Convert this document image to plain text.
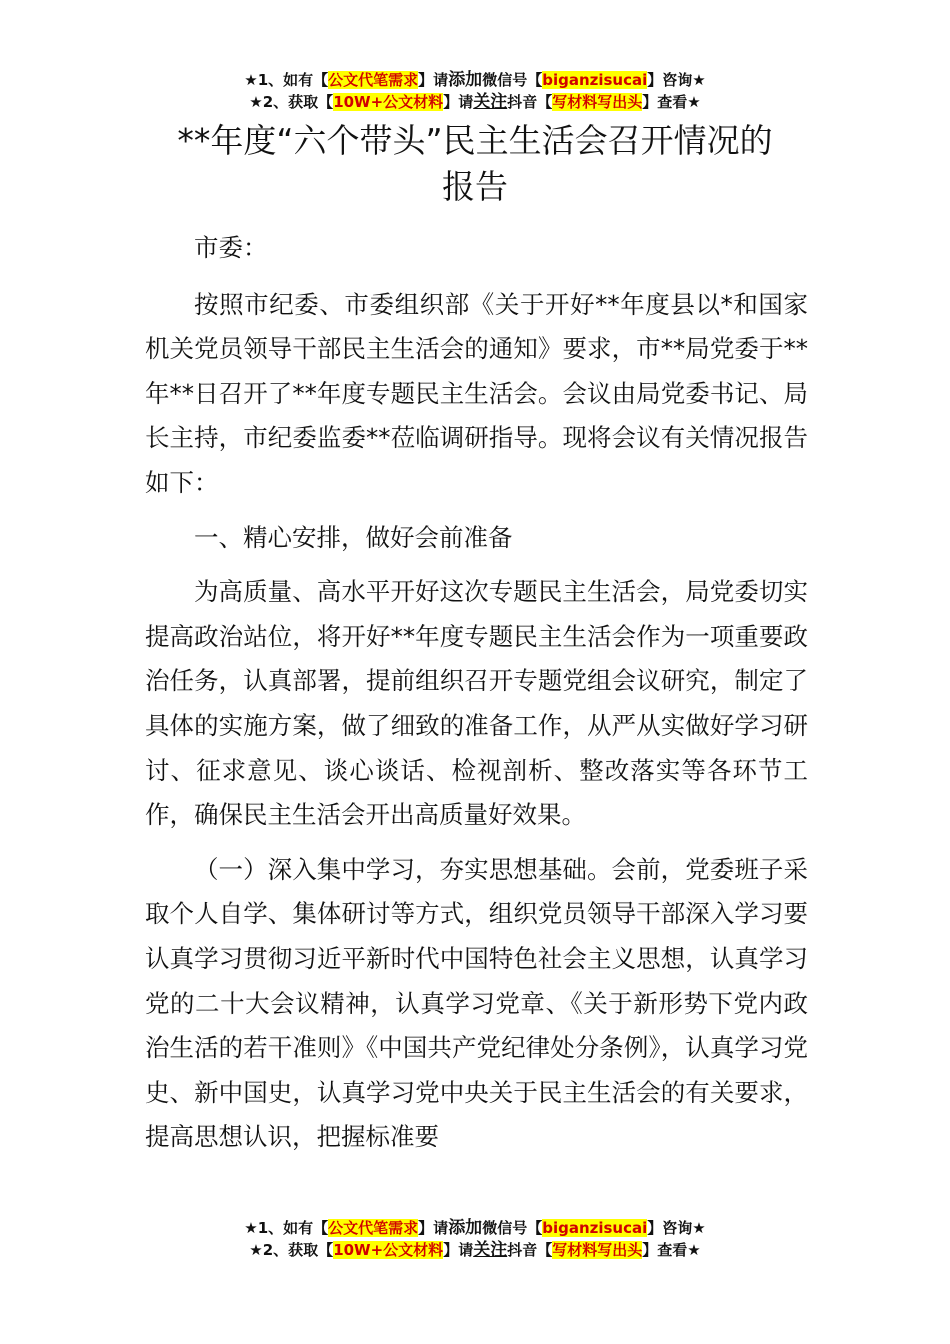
★1、如有【公文代笔需求】请添加微信号【biganzisucai】咨询★
★2、获取【10W+公文材料】请关注抖音【写材料写出头】查看★
**年度“六个带头”民主生活会召开情况的
报告

市委：

按照市纪委、市委组织部《关于开好**年度县以*和国家机关党员领导干部民主生活会的通知》要求，市**局党委于**年**日召开了**年度专题民主生活会。会议由局党委书记、局长主持，市纪委监委**莅临调研指导。现将会议有关情况报告如下：

一、精心安排，做好会前准备

为高质量、高水平开好这次专题民主生活会，局党委切实提高政治站位，将开好**年度专题民主生活会作为一项重要政治任务，认真部署，提前组织召开专题党组会议研究，制定了具体的实施方案，做了细致的准备工作，从严从实做好学习研讨、征求意见、谈心谈话、检视剖析、整改落实等各环节工作，确保民主生活会开出高质量好效果。

（一）深入集中学习，夯实思想基础。会前，党委班子采取个人自学、集体研讨等方式，组织党员领导干部深入学习要认真学习贯彻习近平新时代中国特色社会主义思想，认真学习党的二十大会议精神，认真学习党章、《关于新形势下党内政治生活的若干准则》《中国共产党纪律处分条例》，认真学习党史、新中国史，认真学习党中央关于民主生活会的有关要求，提高思想认识，把握标准要

★1、如有【公文代笔需求】请添加微信号【biganzisucai】咨询★
★2、获取【10W+公文材料】请关注抖音【写材料写出头】查看★
